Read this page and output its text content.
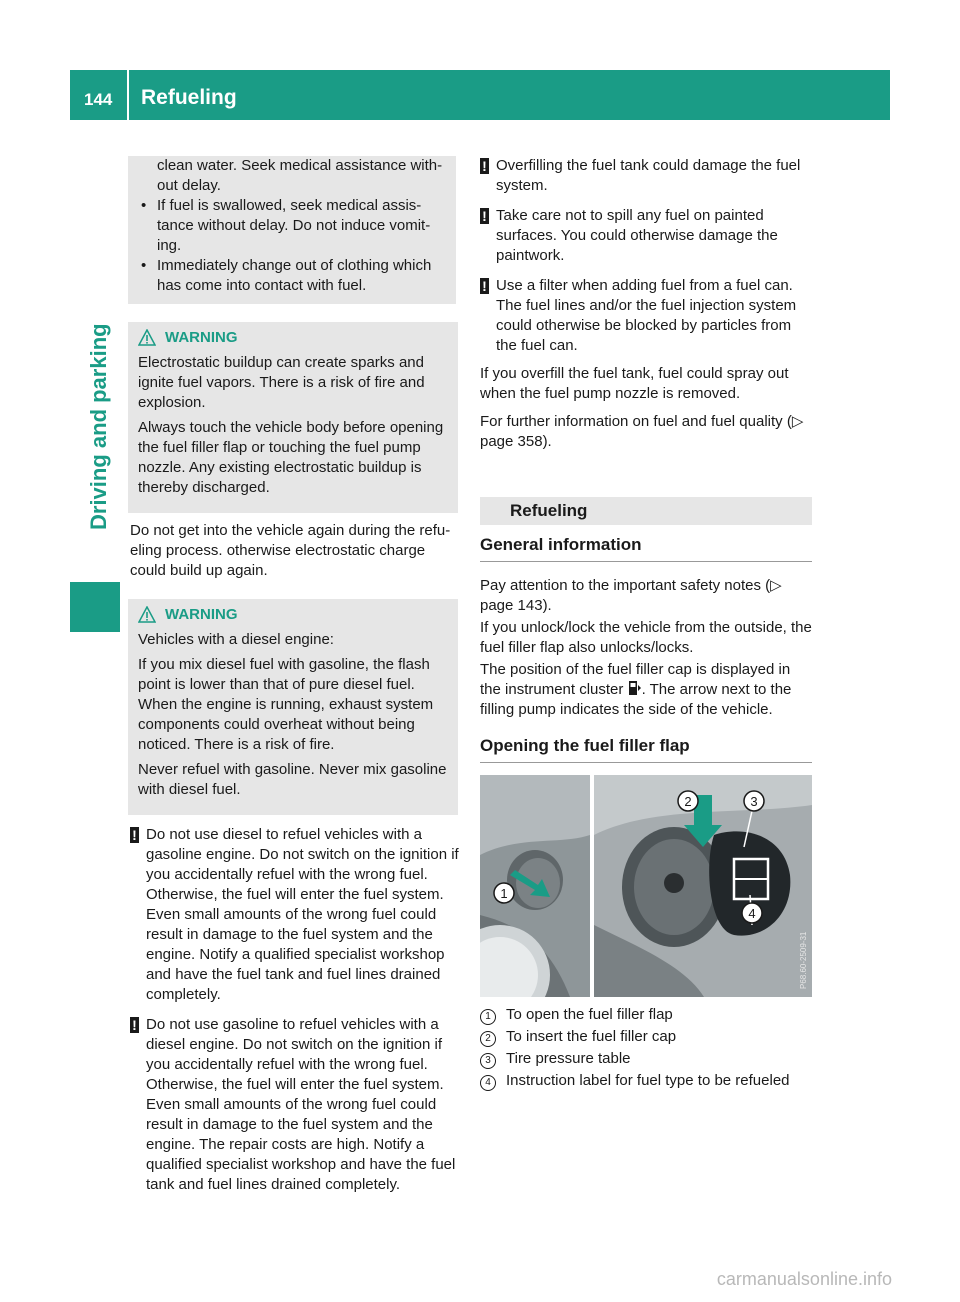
144 Refueling
Driving and parking

clean water. Seek medical assistance with-

out delay.

• If fuel is swallowed, seek medical assis- tance without delay. Do not induce vomit- ing.

• Immediately change out of clothing which has come into contact with fuel.

WARNING

Electrostatic buildup can create sparks and ignite fuel vapors. There is a risk of fire and explosion.

Always touch the vehicle body before opening the fuel filler flap or touching the fuel pump nozzle. Any existing electrostatic buildup is thereby discharged.

Do not get into the vehicle again during the refu- eling process. otherwise electrostatic charge could build up again.

WARNING

Vehicles with a diesel engine:

If you mix diesel fuel with gasoline, the flash point is lower than that of pure diesel fuel. When the engine is running, exhaust system components could overheat without being noticed. There is a risk of fire.

Never refuel with gasoline. Never mix gasoline with diesel fuel.

! Do not use diesel to refuel vehicles with a gasoline engine. Do not switch on the ignition if you accidentally refuel with the wrong fuel. Otherwise, the fuel will enter the fuel system. Even small amounts of the wrong fuel could result in damage to the fuel system and the engine. Notify a qualified specialist workshop and have the fuel tank and fuel lines drained completely.

! Do not use gasoline to refuel vehicles with a diesel engine. Do not switch on the ignition if you accidentally refuel with the wrong fuel. Otherwise, the fuel will enter the fuel system. Even small amounts of the wrong fuel could result in damage to the fuel system and the engine. The repair costs are high. Notify a qualified specialist workshop and have the fuel tank and fuel lines drained completely.

! Overfilling the fuel tank could damage the fuel system.

! Take care not to spill any fuel on painted surfaces. You could otherwise damage the paintwork.

! Use a filter when adding fuel from a fuel can. The fuel lines and/or the fuel injection system could otherwise be blocked by particles from the fuel can.

If you overfill the fuel tank, fuel could spray out when the fuel pump nozzle is removed.

For further information on fuel and fuel quality (▷ page 358).

Refueling
General information

Pay attention to the important safety notes (▷ page 143).

If you unlock/lock the vehicle from the outside, the fuel filler flap also unlocks/locks.

The position of the fuel filler cap is displayed in the instrument cluster . The arrow next to the filling pump indicates the side of the vehicle.

Opening the fuel filler flap
1
2	3
4
P68.60-2509-31
1	To open the fuel filler flap
2	To insert the fuel filler cap
3	Tire pressure table
4	Instruction label for fuel type to be refueled
carmanualsonline.info
